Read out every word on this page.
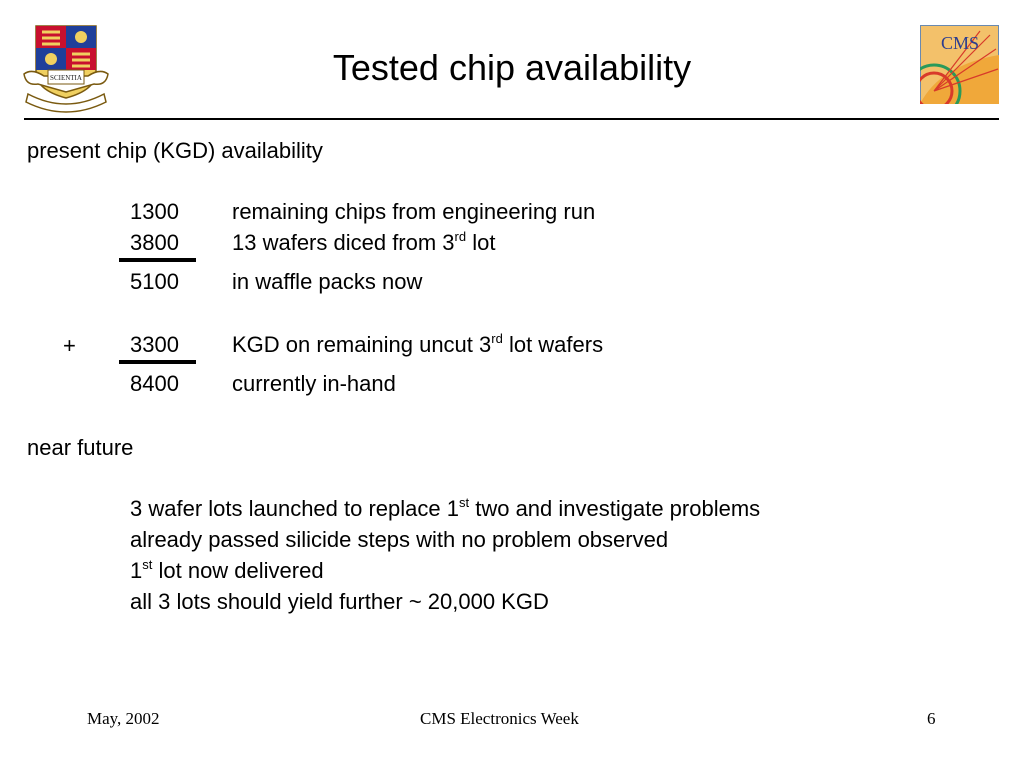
SCIENTIA
CMS
Tested chip availability
present chip (KGD) availability
1300 remaining chips from engineering run
3800 13 wafers diced from 3rd lot
5100 in waffle packs now
+ 3300 KGD on remaining uncut 3rd lot wafers
8400 currently in-hand
near future
3 wafer lots launched to replace 1st two and investigate problems
already passed silicide steps with no problem observed
1st lot now delivered
all 3 lots should yield further ~ 20,000 KGD
May, 2002	CMS Electronics Week	6
